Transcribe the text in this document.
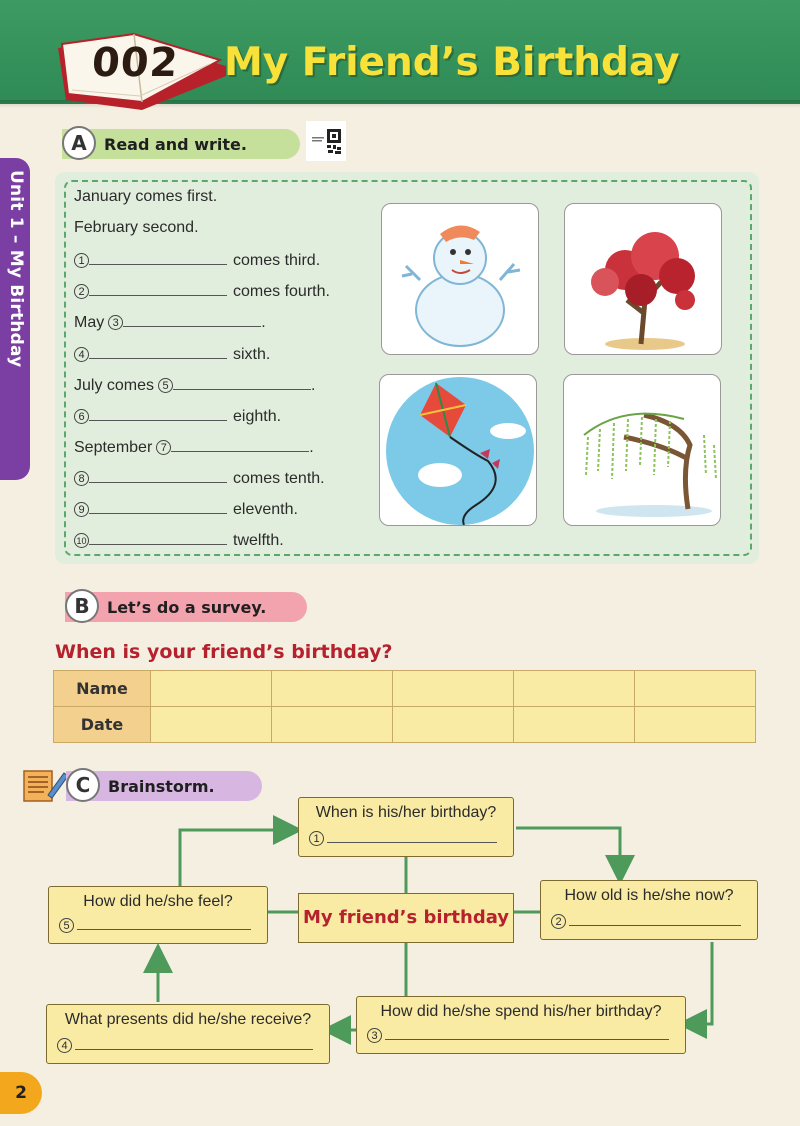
002 My Friend’s Birthday
Unit 1 – My Birthday
A	Read and write.
January comes first.
February second.
1	comes third.
2	comes fourth.
May 3	.
4	sixth.
July comes 5	.
6	eighth.
September 7	.
8	comes tenth.
9	eleventh.
10	twelfth.
B	Let’s do a survey.
When is your friend’s birthday?
Name					
Date					
C	Brainstorm.
When is his/her birthday?
1
How old is he/she now?
2
How did he/she spend his/her birthday?
3
What presents did he/she receive?
4
How did he/she feel?
5	My friend’s birthday
2
